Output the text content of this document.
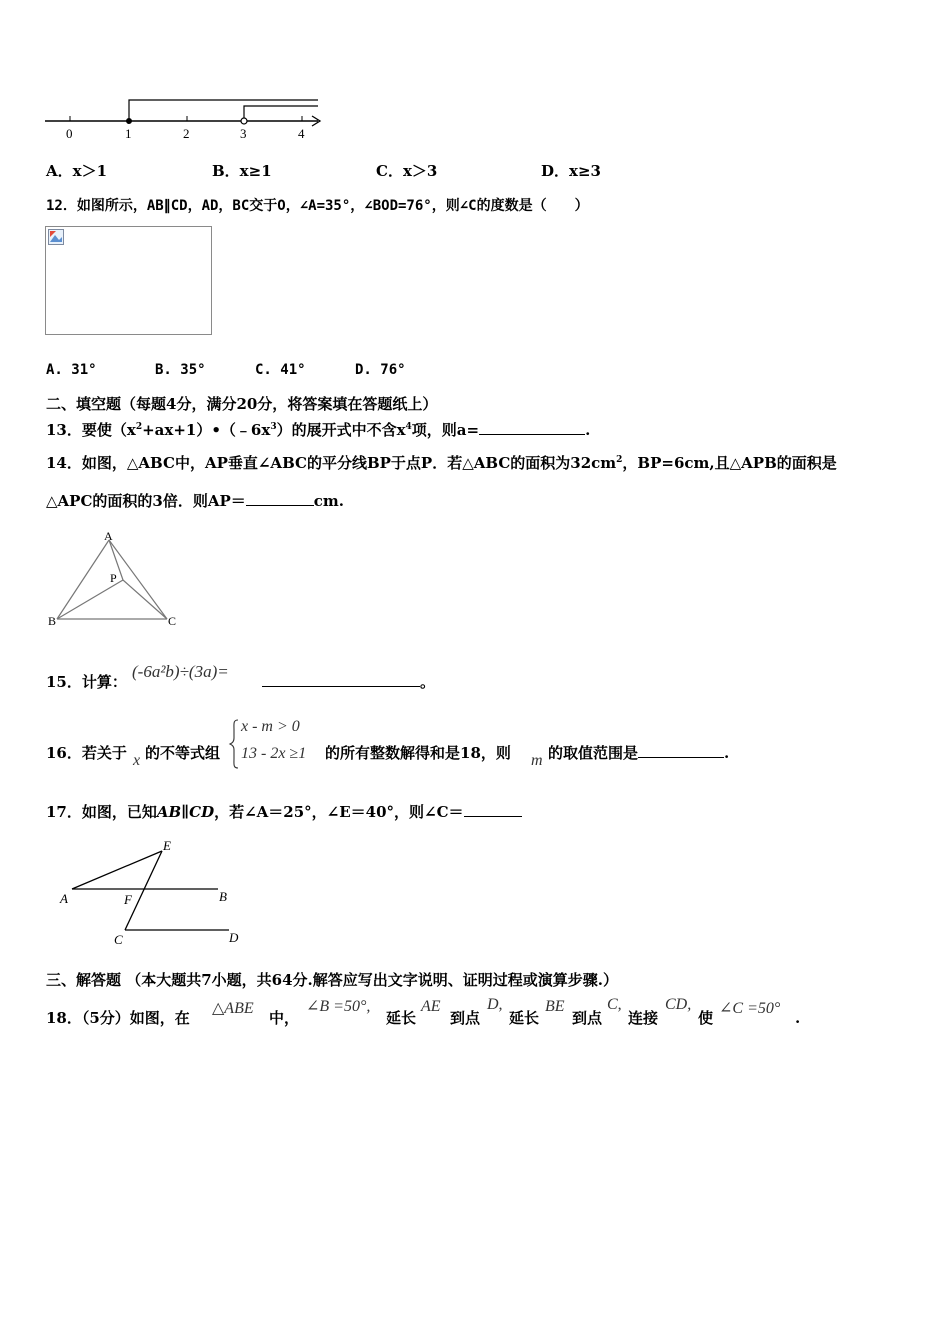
0	1	2	3	4
A．x＞1	B．x≥1	C．x＞3	D．x≥3
12．如图所示，AB∥CD，AD，BC交于O，∠A=35°，∠BOD=76°，则∠C的度数是（　　）
A. 31°	B. 35°	C. 41°	D. 76°
二、填空题（每题4分，满分20分，将答案填在答题纸上）
13．要使$(x^2+ax+1)•(﹣6x^3)$的展开式中不含$x^4$项，则a=	.
14．如图，△ABC中，AP垂直∠ABC的平分线BP于点P．若△ABC的面积为$32cm^2$，BP=6cm,且△APB的面积是
△APC的面积的3倍．则AP＝	cm.
A
P
B	C
15．计算：
(-6a²b)÷(3a)=
。
16．若关于 x 的不等式组
x - m > 0
13 - 2x ≥1 的所有整数解得和是18，则 m 的取值范围是	.
17．如图，已知AB∥CD，若∠A＝25°，∠E＝40°，则∠C＝
E
A	F	B
C	D
三、解答题 （本大题共7小题，共64分.解答应写出文字说明、证明过程或演算步骤.）
18．（5分）如图，在
△ABE
中，
∠B =50°,
延长
AE
到点
D,
延长
BE
到点
C,
连接
CD,
使
∠C =50°
.
